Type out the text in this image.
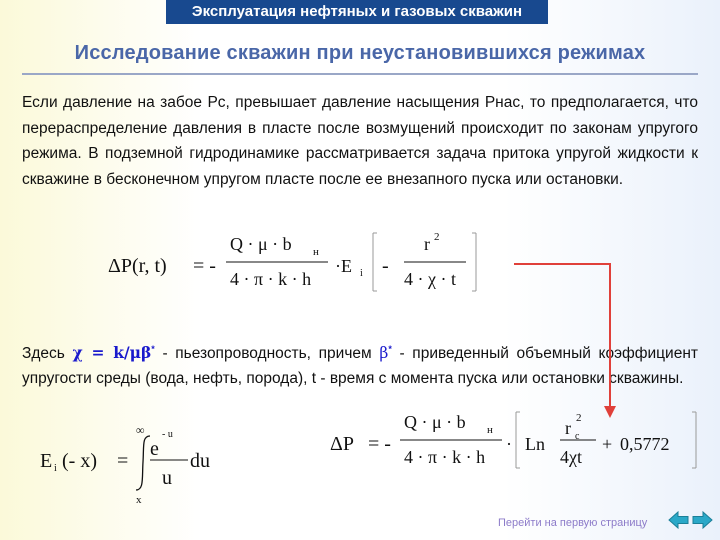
Эксплуатация нефтяных и газовых скважин
Исследование скважин при неустановившихся режимах
Если давление на забое Рс, превышает давление насыщения Рнас, то предполагается, что перераспределение давления в пласте после возмущений происходит по законам упругого режима. В подземной гидродинамике рассматривается задача притока упругой жидкости к скважине в бесконечном упругом пласте после ее внезапного пуска или остановки.
Здесь χ = k/μβ* - пьезопроводность, причем β* - приведенный объемный коэффициент упругости среды (вода, нефть, порода), t - время с момента пуска или остановки скважины.
ΔP(r, t) = -
Q · μ · b н
4 · π · k · h
·E i -
r 2
4 · χ · t
E i (- x) =
∞
x
e
- u
u
du
ΔP = -
Q · μ · b н
4 · π · k · h
· Ln
r c
2
4χt
+ 0,5772
Перейти на первую страницу
